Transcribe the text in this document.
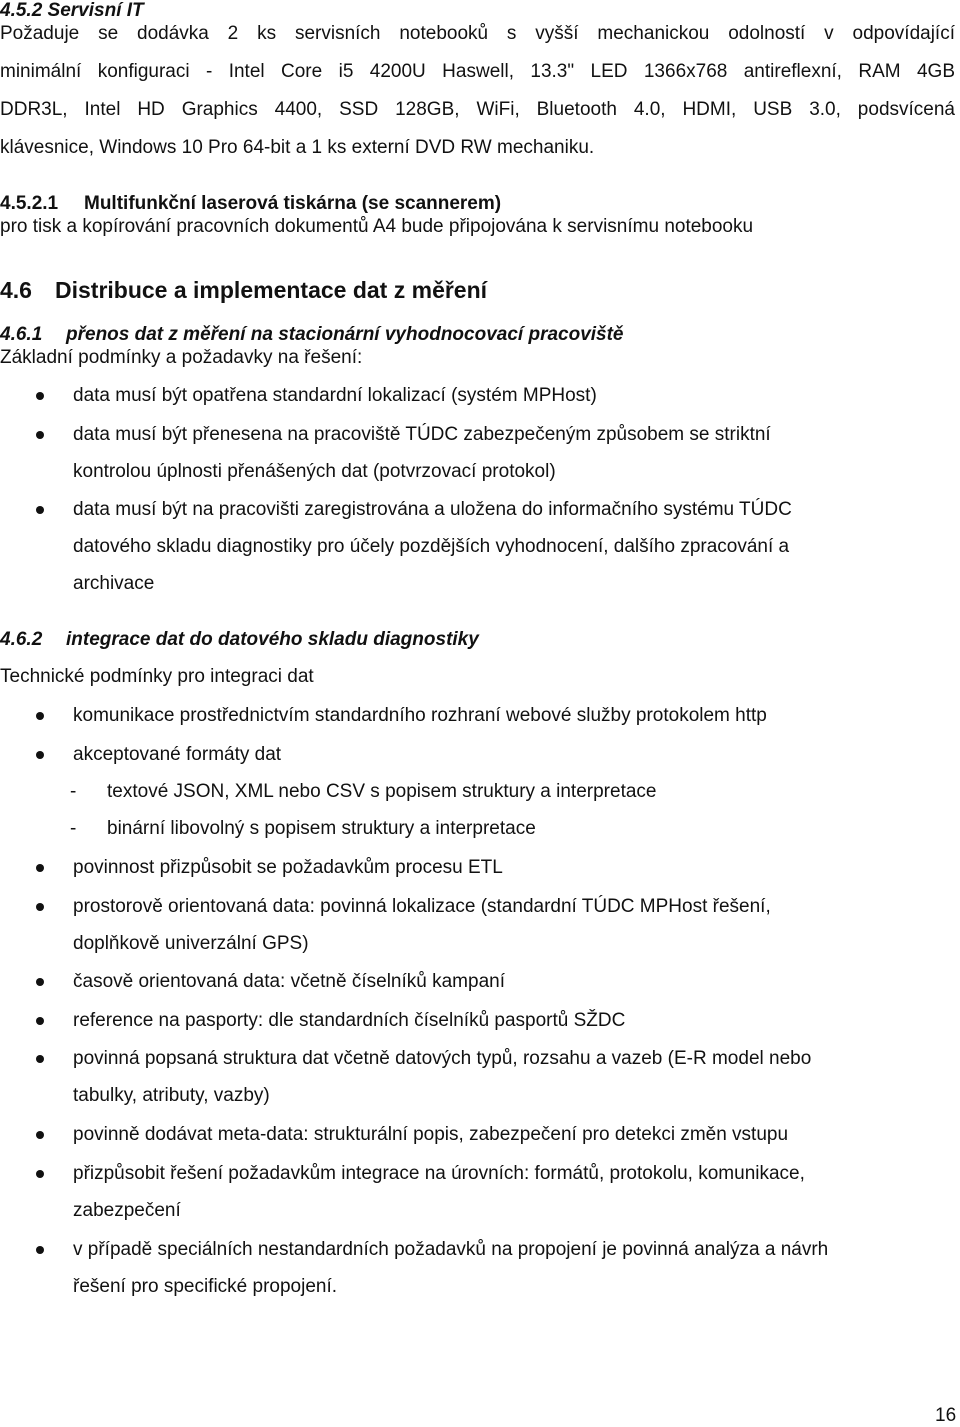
4.5.2 Servisní IT
Požaduje se dodávka 2 ks servisních notebooků s vyšší mechanickou odolností v odpovídající
minimální konfiguraci - Intel Core i5 4200U Haswell, 13.3" LED 1366x768 antireflexní, RAM 4GB
DDR3L, Intel HD Graphics 4400, SSD 128GB, WiFi, Bluetooth 4.0, HDMI, USB 3.0, podsvícená
klávesnice, Windows 10 Pro 64-bit a 1 ks externí DVD RW mechaniku.
4.5.2.1 Multifunkční laserová tiskárna (se scannerem)
pro tisk a kopírování pracovních dokumentů A4 bude připojována k servisnímu notebooku
4.6 Distribuce a implementace dat z měření
4.6.1 přenos dat z měření na stacionární vyhodnocovací pracoviště
Základní podmínky a požadavky na řešení:
data musí být opatřena standardní lokalizací (systém MPHost)
data musí být přenesena na pracoviště TÚDC zabezpečeným způsobem se striktní
kontrolou úplnosti přenášených dat (potvrzovací protokol)
data musí být na pracovišti zaregistrována a uložena do informačního systému TÚDC
datového skladu diagnostiky pro účely pozdějších vyhodnocení, dalšího zpracování a
archivace
4.6.2 integrace dat do datového skladu diagnostiky
Technické podmínky pro integraci dat
komunikace prostřednictvím standardního rozhraní webové služby protokolem http
akceptované formáty dat
- textové JSON, XML nebo CSV s popisem struktury a interpretace
- binární libovolný s popisem struktury a interpretace
povinnost přizpůsobit se požadavkům procesu ETL
prostorově orientovaná data: povinná lokalizace (standardní TÚDC MPHost řešení,
doplňkově univerzální GPS)
časově orientovaná data: včetně číselníků kampaní
reference na pasporty: dle standardních číselníků pasportů SŽDC
povinná popsaná struktura dat včetně datových typů, rozsahu a vazeb (E-R model nebo
tabulky, atributy, vazby)
povinně dodávat meta-data: strukturální popis, zabezpečení pro detekci změn vstupu
přizpůsobit řešení požadavkům integrace na úrovních: formátů, protokolu, komunikace,
zabezpečení
v případě speciálních nestandardních požadavků na propojení je povinná analýza a návrh
řešení pro specifické propojení.
16
